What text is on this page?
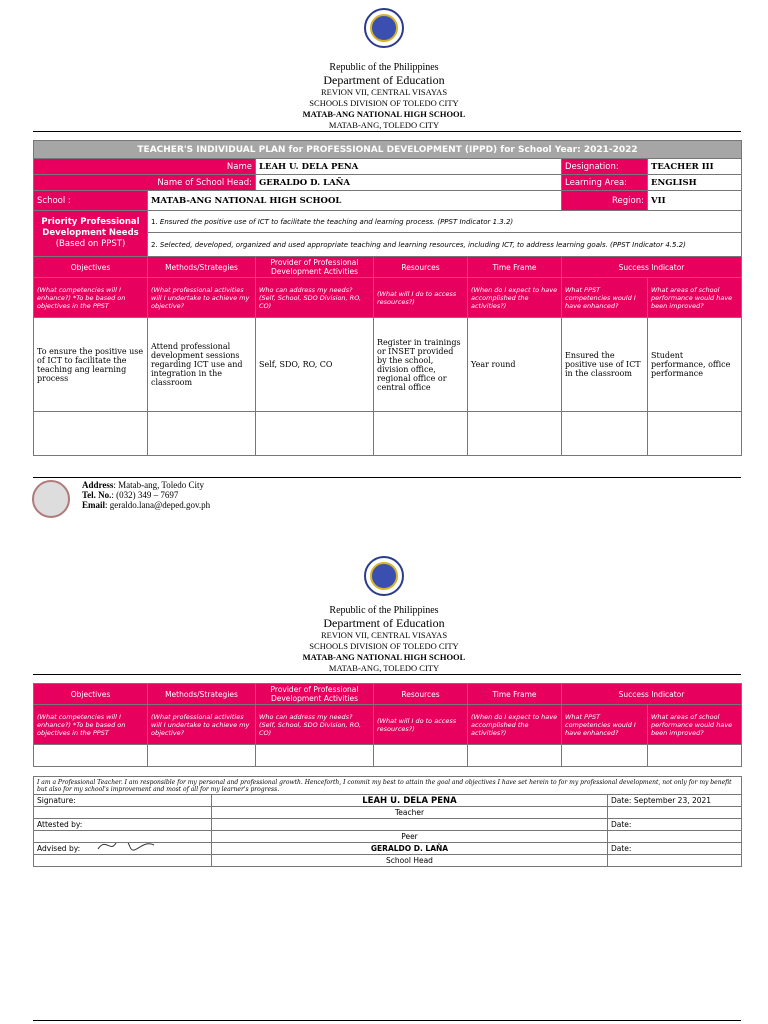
Republic of the Philippines
Department of Education
REVION VII, CENTRAL VISAYAS
SCHOOLS DIVISION OF TOLEDO CITY
MATAB-ANG NATIONAL HIGH SCHOOL
MATAB-ANG, TOLEDO CITY
TEACHER'S INDIVIDUAL PLAN for PROFESSIONAL DEVELOPMENT (IPPD) for School Year: 2021-2022						
Name		LEAH U. DELA PENA			Designation:	TEACHER III
Name of School Head:		GERALDO D. LAÑA			Learning Area:	ENGLISH
School :	MATAB-ANG NATIONAL HIGH SCHOOL				Region:	VII

Priority Professional Development Needs
(Based on PPST)	1. Ensured the positive use of ICT to facilitate the teaching and learning process. (PPST Indicator 1.3.2)					
	2. Selected, developed, organized and used appropriate teaching and learning resources, including ICT, to address learning goals. (PPST Indicator 4.5.2)					
Objectives	Methods/Strategies	Provider of Professional Development Activities	Resources	Time Frame	Success Indicator	
(What competencies will I enhance?) *To be based on objectives in the PPST	(What professional activities will I undertake to achieve my objective?	Who can address my needs? (Self, School, SDO Division, RO, CO)	(What will I do to access resources?)	(When do I expect to have accomplished the activities?)	What PPST competencies would I have enhanced?	What areas of school performance would have been improved?
To ensure the positive use of ICT to facilitate the teaching ang learning process	Attend professional development sessions regarding ICT use and integration in the classroom	Self, SDO, RO, CO	Register in trainings or INSET provided by the school, division office, regional office or central office	Year round	Ensured the positive use of ICT in the classroom	Student performance, office performance

Address: Matab-ang, Toledo City
Tel. No.: (032) 349 – 7697
Email: geraldo.lana@deped.gov.ph
Republic of the Philippines
Department of Education
REVION VII, CENTRAL VISAYAS
SCHOOLS DIVISION OF TOLEDO CITY
MATAB-ANG NATIONAL HIGH SCHOOL
MATAB-ANG, TOLEDO CITY
Objectives	Methods/Strategies	Provider of Professional Development Activities	Resources	Time Frame	Success Indicator	
(What competencies will I enhance?) *To be based on objectives in the PPST	(What professional activities will I undertake to achieve my objective?	Who can address my needs? (Self, School, SDO Division, RO, CO)	(What will I do to access resources?)	(When do I expect to have accomplished the activities?)	What PPST competencies would I have enhanced?	What areas of school performance would have been improved?

I am a Professional Teacher. I am responsible for my personal and professional growth. Henceforth, I commit my best to attain the goal and objectives I have set herein to for my professional development, not only for my benefit but also for my school's improvement and most of all for my learner's progress.		
Signature:	LEAH U. DELA PENA	Date: September 23, 2021
	Teacher	
Attested by:		Date:
	Peer	
Advised by:	GERALDO D. LAÑA	Date:
	School Head	
